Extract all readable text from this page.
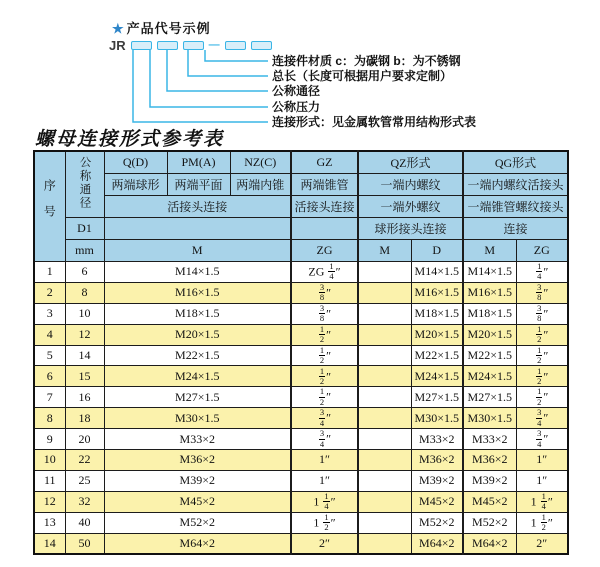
★ 产品代号示例
JR	—
连接件材质 c：为碳钢 b：为不锈钢
总长（长度可根据用户要求定制）
公称通径
公称压力
连接形式：见金属软管常用结构形式表
螺母连接形式参考表
序号	公称通径	Q(D)	PM(A)	NZ(C)	GZ	QZ形式		QG形式	
		两端球形	两端平面	两端内锥	两端锥管	一端内螺纹		一端内螺纹活接头	
		活接头连接			活接头连接	一端外螺纹		一端锥管螺纹接头	
	D1					球形接头连接		连接	
	mm	M			ZG	M	D	M	ZG
1	6	M14×1.5			ZG $\frac{1}{4}$ ″		M14×1.5	M14×1.5	$\frac{1}{4}$ ″
2	8	M16×1.5			$\frac{3}{8}$ ″		M16×1.5	M16×1.5	$\frac{3}{8}$ ″
3	10	M18×1.5			$\frac{3}{8}$ ″		M18×1.5	M18×1.5	$\frac{3}{8}$ ″
4	12	M20×1.5			$\frac{1}{2}$ ″		M20×1.5	M20×1.5	$\frac{1}{2}$ ″
5	14	M22×1.5			$\frac{1}{2}$ ″		M22×1.5	M22×1.5	$\frac{1}{2}$ ″
6	15	M24×1.5			$\frac{1}{2}$ ″		M24×1.5	M24×1.5	$\frac{1}{2}$ ″
7	16	M27×1.5			$\frac{1}{2}$ ″		M27×1.5	M27×1.5	$\frac{1}{2}$ ″
8	18	M30×1.5			$\frac{3}{4}$ ″		M30×1.5	M30×1.5	$\frac{3}{4}$ ″
9	20	M33×2			$\frac{3}{4}$ ″		M33×2	M33×2	$\frac{3}{4}$ ″
10	22	M36×2			1″		M36×2	M36×2	1″
11	25	M39×2			1″		M39×2	M39×2	1″
12	32	M45×2			$1 \frac{1}{4}$ ″		M45×2	M45×2	$1 \frac{1}{4}$ ″
13	40	M52×2			$1 \frac{1}{2}$ ″		M52×2	M52×2	$1 \frac{1}{2}$ ″
14	50	M64×2			2″		M64×2	M64×2	2″
